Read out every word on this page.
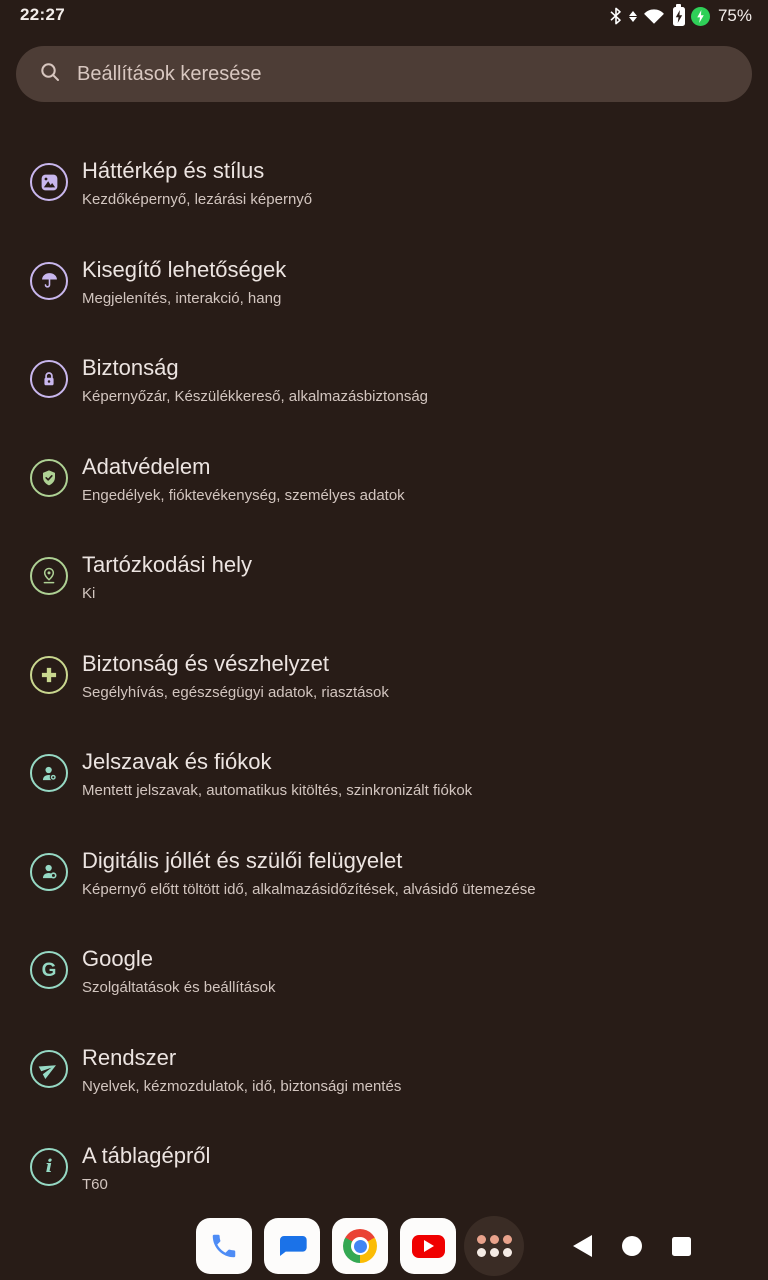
22:27	75%
Beállítások keresése
Háttérkép és stílus
Kezdőképernyő, lezárási képernyő
Kisegítő lehetőségek
Megjelenítés, interakció, hang
Biztonság
Képernyőzár, Készülékkereső, alkalmazásbiztonság
Adatvédelem
Engedélyek, fióktevékenység, személyes adatok
Tartózkodási hely
Ki
Biztonság és vészhelyzet
Segélyhívás, egészségügyi adatok, riasztások
Jelszavak és fiókok
Mentett jelszavak, automatikus kitöltés, szinkronizált fiókok
Digitális jóllét és szülői felügyelet
Képernyő előtt töltött idő, alkalmazásidőzítések, alvásidő ütemezése
G Google
Szolgáltatások és beállítások
Rendszer
Nyelvek, kézmozdulatok, idő, biztonsági mentés
i A táblagépről
T60
